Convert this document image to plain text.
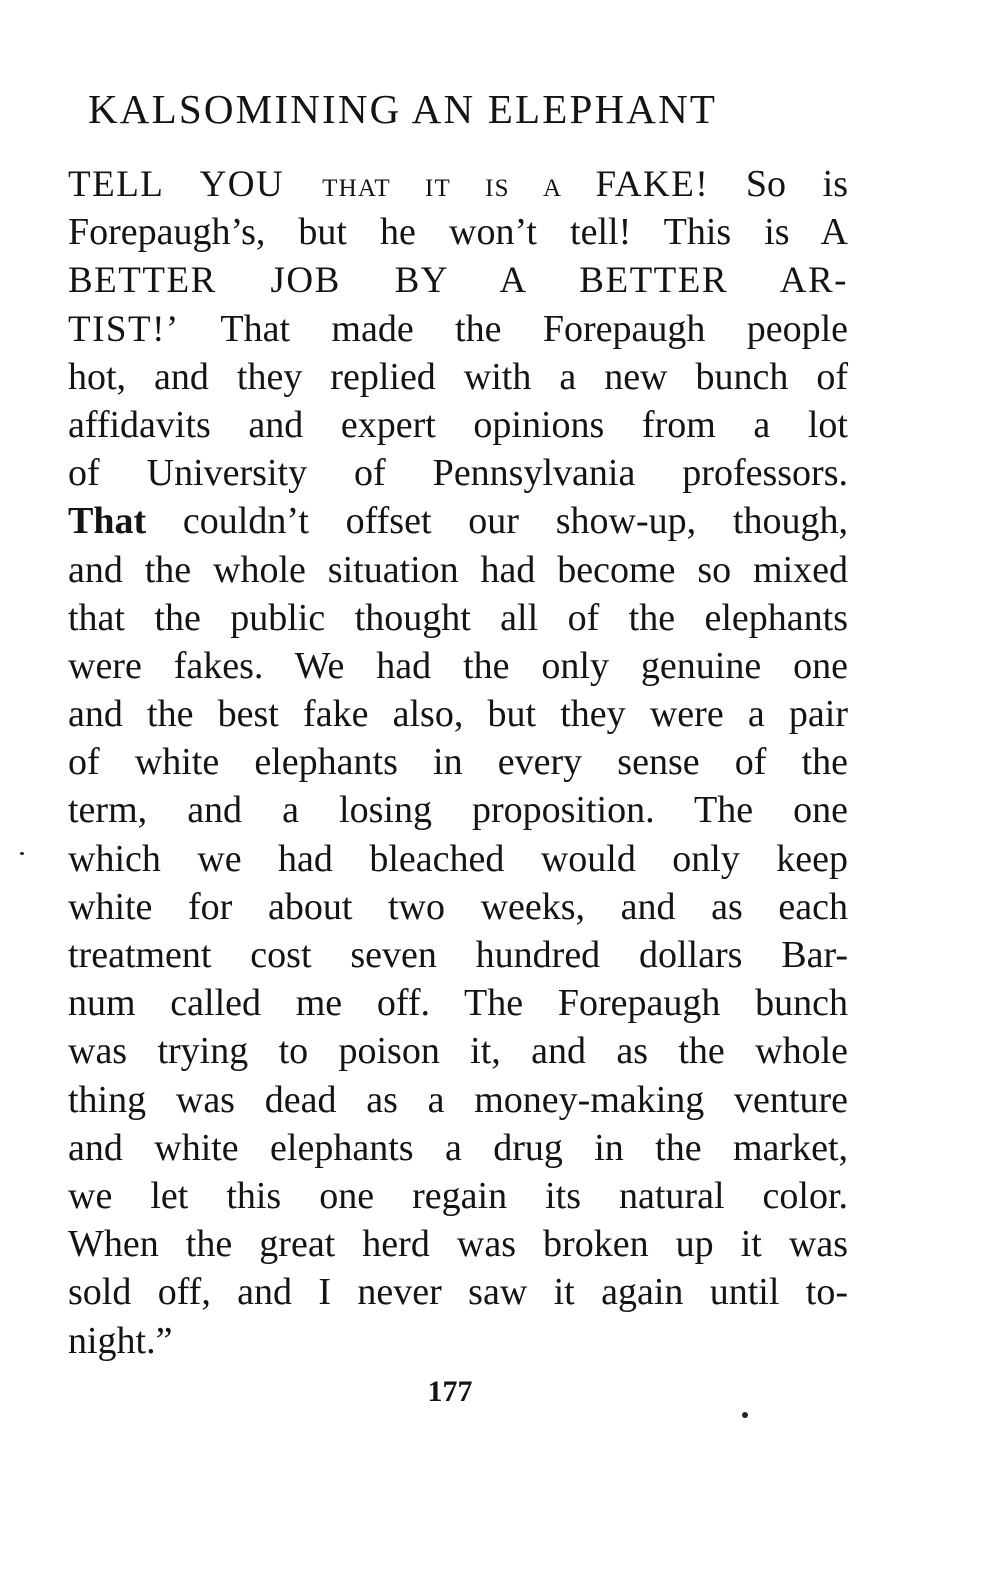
KALSOMINING AN ELEPHANT
TELL YOU THAT IT IS A FAKE! So is
Forepaugh’s, but he won’t tell! This is A
BETTER JOB BY A BETTER AR-
TIST!’ That made the Forepaugh people
hot, and they replied with a new bunch of
affidavits and expert opinions from a lot
of University of Pennsylvania professors.
That couldn’t offset our show-up, though,
and the whole situation had become so mixed
that the public thought all of the elephants
were fakes. We had the only genuine one
and the best fake also, but they were a pair
of white elephants in every sense of the
term, and a losing proposition. The one
which we had bleached would only keep
white for about two weeks, and as each
treatment cost seven hundred dollars Bar-
num called me off. The Forepaugh bunch
was trying to poison it, and as the whole
thing was dead as a money-making venture
and white elephants a drug in the market,
we let this one regain its natural color.
When the great herd was broken up it was
sold off, and I never saw it again until to-
night.”
177
